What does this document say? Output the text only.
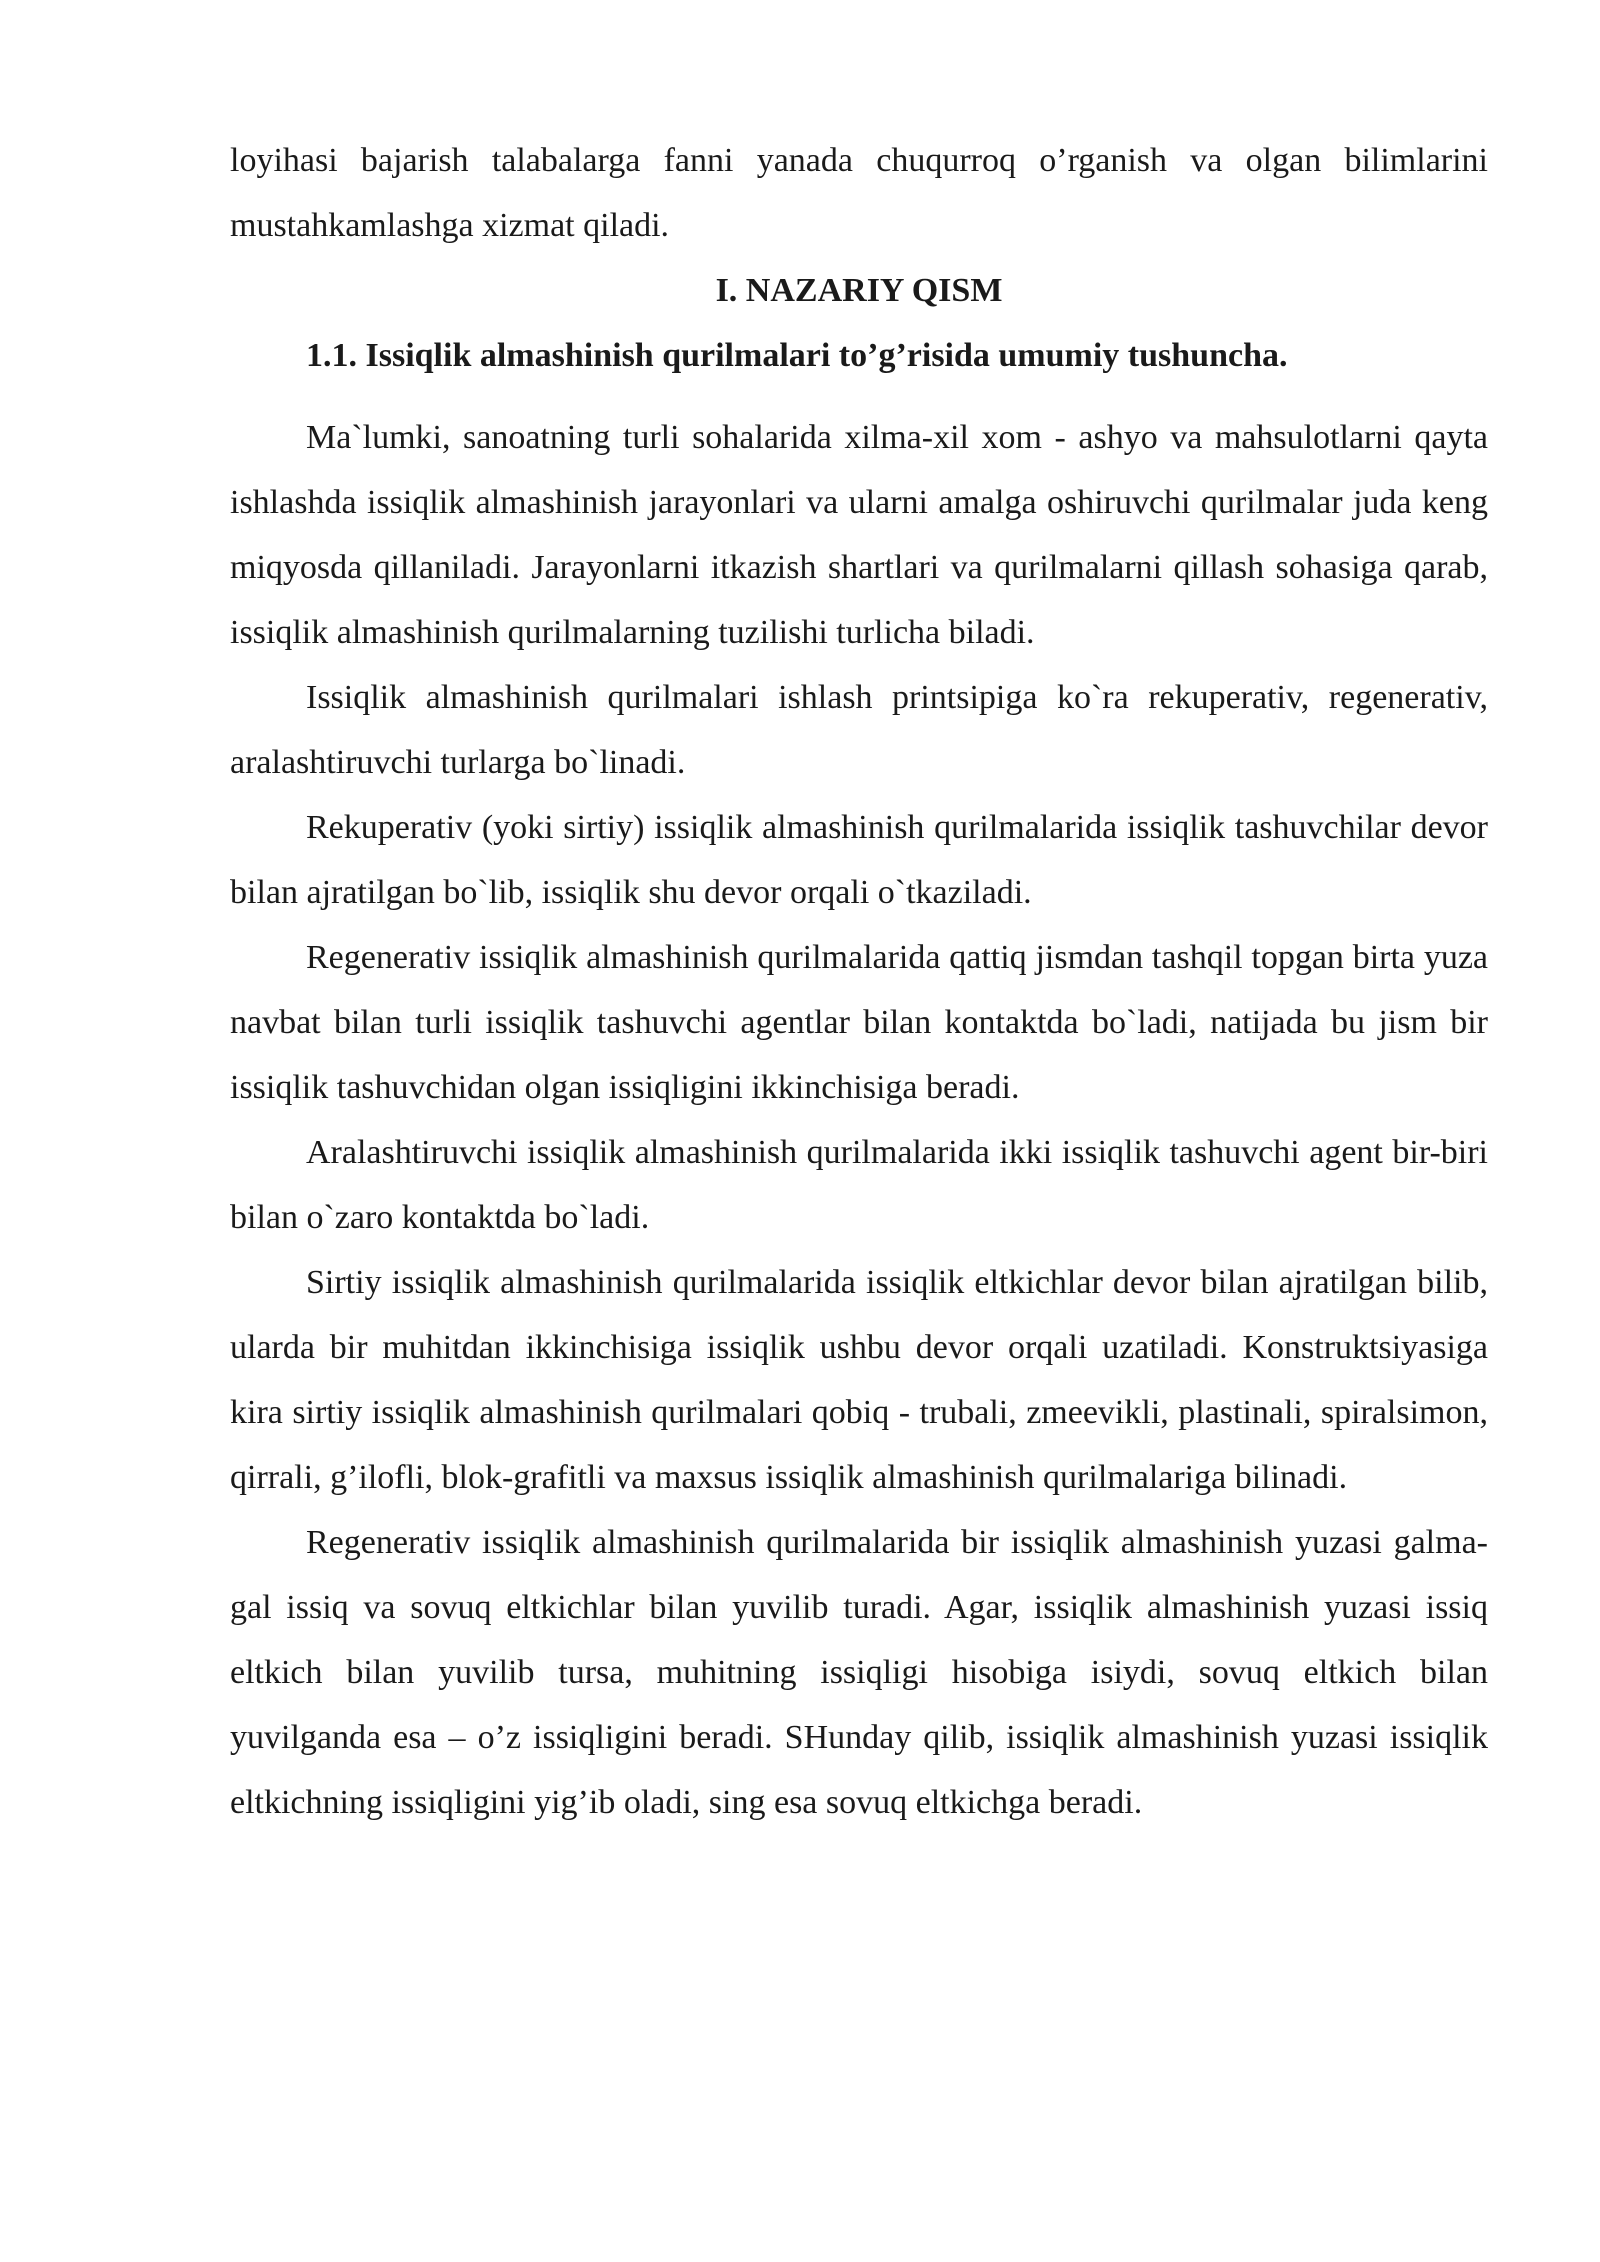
loyihasi bajarish talabalarga fanni yanada chuqurroq o’rganish va olgan bilimlarini mustahkamlashga xizmat qiladi.

I. NAZARIY QISM

1.1. Issiqlik almashinish qurilmalari to’g’risida umumiy tushuncha.

Ma`lumki, sanoatning turli sohalarida xilma-xil xom - ashyo va mahsulotlarni qayta ishlashda issiqlik almashinish jarayonlari va ularni amalga oshiruvchi qurilmalar juda keng miqyosda qillaniladi. Jarayonlarni itkazish shartlari va qurilmalarni qillash sohasiga qarab, issiqlik almashinish qurilmalarning tuzilishi turlicha biladi.

Issiqlik almashinish qurilmalari ishlash printsipiga ko`ra rekuperativ, regenerativ, aralashtiruvchi turlarga bo`linadi.

Rekuperativ (yoki sirtiy) issiqlik almashinish qurilmalarida issiqlik tashuvchilar devor bilan ajratilgan bo`lib, issiqlik shu devor orqali o`tkaziladi.

Regenerativ issiqlik almashinish qurilmalarida qattiq jismdan tashqil topgan birta yuza navbat bilan turli issiqlik tashuvchi agentlar bilan kontaktda bo`ladi, natijada bu jism bir issiqlik tashuvchidan olgan issiqligini ikkinchisiga beradi.

Aralashtiruvchi issiqlik almashinish qurilmalarida ikki issiqlik tashuvchi agent bir-biri bilan o`zaro kontaktda bo`ladi.

Sirtiy issiqlik almashinish qurilmalarida issiqlik eltkichlar devor bilan ajratilgan bilib, ularda bir muhitdan ikkinchisiga issiqlik ushbu devor orqali uzatiladi. Konstruktsiyasiga kira sirtiy issiqlik almashinish qurilmalari qobiq - trubali, zmeevikli, plastinali, spiralsimon, qirrali, g’ilofli, blok-grafitli va maxsus issiqlik almashinish qurilmalariga bilinadi.

Regenerativ issiqlik almashinish qurilmalarida bir issiqlik almashinish yuzasi galma-gal issiq va sovuq eltkichlar bilan yuvilib turadi. Agar, issiqlik almashinish yuzasi issiq eltkich bilan yuvilib tursa, muhitning issiqligi hisobiga isiydi, sovuq eltkich bilan yuvilganda esa – o’z issiqligini beradi. SHunday qilib, issiqlik almashinish yuzasi issiqlik eltkichning issiqligini yig’ib oladi, sing esa sovuq eltkichga beradi.
